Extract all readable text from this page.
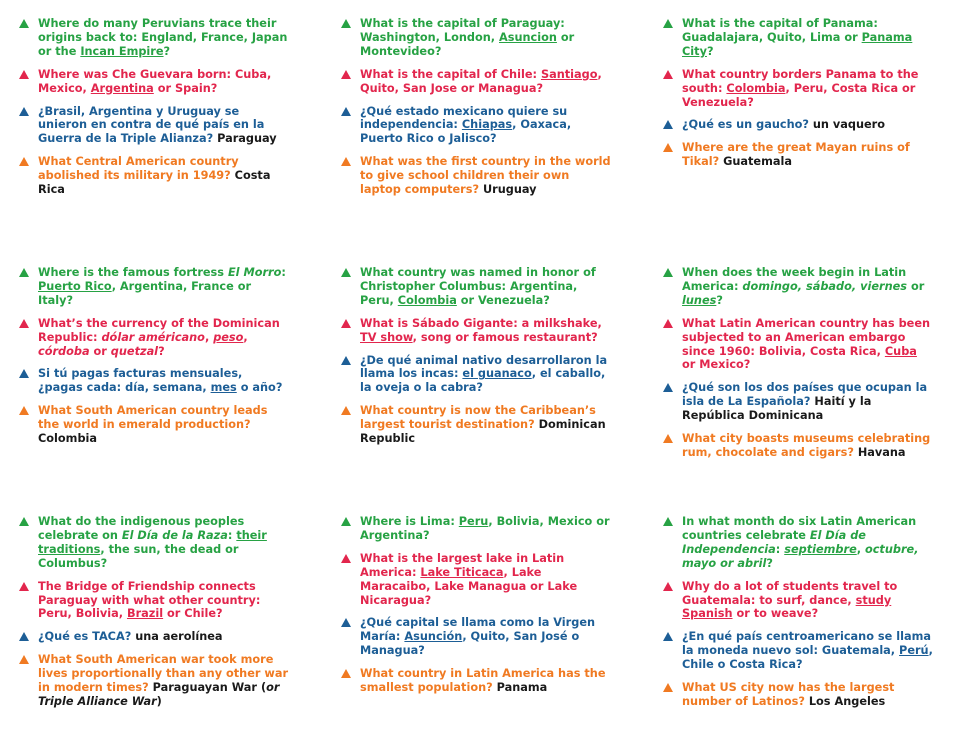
Where do many Peruvians trace their origins back to: England, France, Japan or the Incan Empire?
Where was Che Guevara born: Cuba, Mexico, Argentina or Spain?
¿Brasil, Argentina y Uruguay se unieron en contra de qué país en la Guerra de la Triple Alianza? Paraguay
What Central American country abolished its military in 1949? Costa Rica
What is the capital of Paraguay: Washington, London, Asuncion or Montevideo?
What is the capital of Chile: Santiago, Quito, San Jose or Managua?
¿Qué estado mexicano quiere su independencia: Chiapas, Oaxaca, Puerto Rico o Jalisco?
What was the first country in the world to give school children their own laptop computers? Uruguay
What is the capital of Panama: Guadalajara, Quito, Lima or Panama City?
What country borders Panama to the south: Colombia, Peru, Costa Rica or Venezuela?
¿Qué es un gaucho? un vaquero
Where are the great Mayan ruins of Tikal? Guatemala
Where is the famous fortress El Morro: Puerto Rico, Argentina, France or Italy?
What’s the currency of the Dominican Republic: dólar américano, peso, córdoba or quetzal?
Si tú pagas facturas mensuales, ¿pagas cada: día, semana, mes o año?
What South American country leads the world in emerald production? Colombia
What country was named in honor of Christopher Columbus: Argentina, Peru, Colombia or Venezuela?
What is Sábado Gigante: a milkshake, TV show, song or famous restaurant?
¿De qué animal nativo desarrollaron la llama los incas: el guanaco, el caballo, la oveja o la cabra?
What country is now the Caribbean’s largest tourist destination? Dominican Republic
When does the week begin in Latin America: domingo, sábado, viernes or lunes?
What Latin American country has been subjected to an American embargo since 1960: Bolivia, Costa Rica, Cuba or Mexico?
¿Qué son los dos países que ocupan la isla de La Española? Haití y la República Dominicana
What city boasts museums celebrating rum, chocolate and cigars? Havana
What do the indigenous peoples celebrate on El Día de la Raza: their traditions, the sun, the dead or Columbus?
The Bridge of Friendship connects Paraguay with what other country: Peru, Bolivia, Brazil or Chile?
¿Qué es TACA? una aerolínea
What South American war took more lives proportionally than any other war in modern times? Paraguayan War (or Triple Alliance War)
Where is Lima: Peru, Bolivia, Mexico or Argentina?
What is the largest lake in Latin America: Lake Titicaca, Lake Maracaibo, Lake Managua or Lake Nicaragua?
¿Qué capital se llama como la Virgen María: Asunción, Quito, San José o Managua?
What country in Latin America has the smallest population? Panama
In what month do six Latin American countries celebrate El Día de Independencia: septiembre, octubre, mayo or abril?
Why do a lot of students travel to Guatemala: to surf, dance, study Spanish or to weave?
¿En qué país centroamericano se llama la moneda nuevo sol: Guatemala, Perú, Chile o Costa Rica?
What US city now has the largest number of Latinos? Los Angeles
